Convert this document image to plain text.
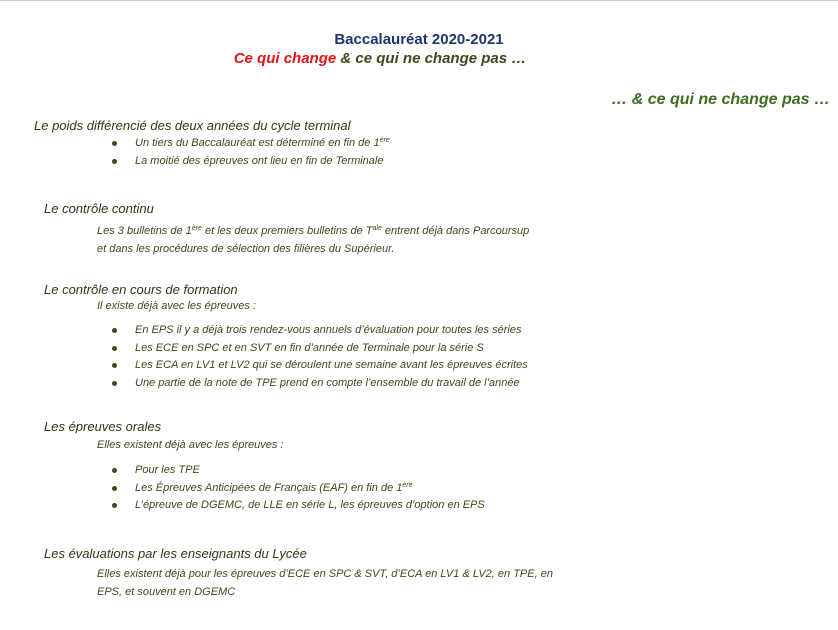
Baccalauréat 2020-2021
Ce qui change & ce qui ne change pas …
… & ce qui ne change pas …
Le poids différencié des deux années du cycle terminal
Un tiers du Baccalauréat est déterminé en fin de 1ère
La moitié des épreuves ont lieu en fin de Terminale
Le contrôle continu
Les 3 bulletins de 1ère et les deux premiers bulletins de $T^{ale}$ entrent déjà dans Parcoursup
et dans les procédures de sélection des filières du Supérieur.
Le contrôle en cours de formation
Il existe déjà avec les épreuves :
En EPS il y a déjà trois rendez-vous annuels d’évaluation pour toutes les séries
Les ECE en SPC et en SVT en fin d’année de Terminale pour la série S
Les ECA en LV1 et LV2 qui se déroulent une semaine avant les épreuves écrites
Une partie de la note de TPE prend en compte l’ensemble du travail de l’année
Les épreuves orales
Elles existent déjà avec les épreuves :
Pour les TPE
Les Épreuves Anticipées de Français (EAF) en fin de 1ère
L’épreuve de DGEMC, de LLE en série L, les épreuves d’option en EPS
Les évaluations par les enseignants du Lycée
Elles existent déjà pour les épreuves d’ECE en SPC & SVT, d’ECA en LV1 & LV2, en TPE, en
EPS, et souvent en DGEMC
